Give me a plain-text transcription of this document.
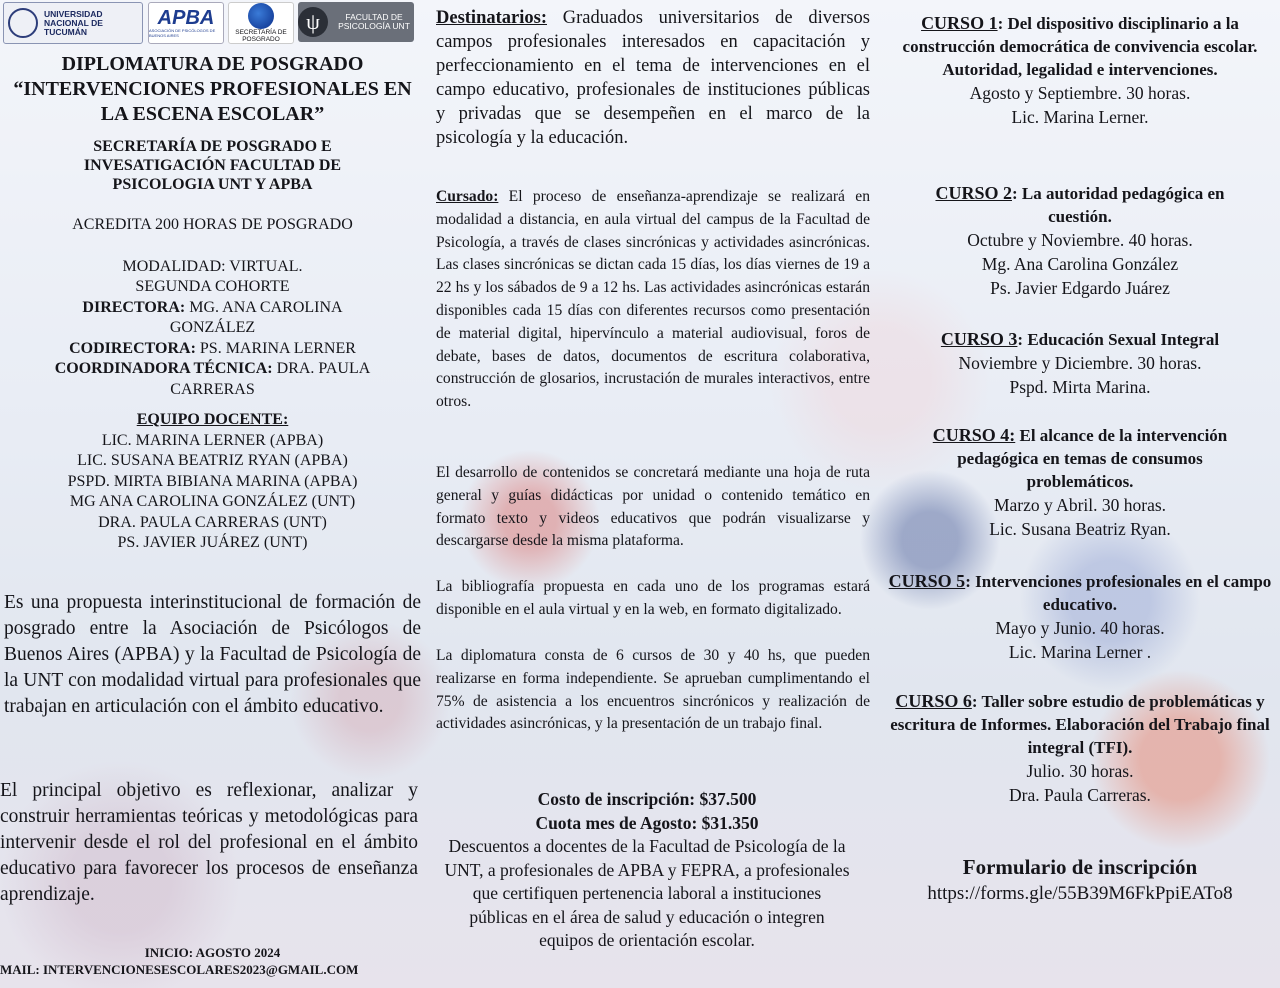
UNIVERSIDAD NACIONAL DE TUCUMÁN
APBA
ASOCIACIÓN DE PSICÓLOGOS DE BUENOS AIRES	SECRETARÍA DE POSGRADO
ψ	FACULTAD DE PSICOLOGÍA UNT

DIPLOMATURA DE POSGRADO “INTERVENCIONES PROFESIONALES EN LA ESCENA ESCOLAR”

SECRETARÍA DE POSGRADO E INVESATIGACIÓN FACULTAD DE PSICOLOGIA UNT Y APBA

ACREDITA 200 HORAS DE POSGRADO

MODALIDAD: VIRTUAL.

SEGUNDA COHORTE

DIRECTORA: MG. ANA CAROLINA GONZÁLEZ

CODIRECTORA: PS. MARINA LERNER

COORDINADORA TÉCNICA: DRA. PAULA CARRERAS

EQUIPO DOCENTE:

LIC. MARINA LERNER (APBA)

LIC. SUSANA BEATRIZ RYAN (APBA)

PSPD. MIRTA BIBIANA MARINA (APBA)

MG ANA CAROLINA GONZÁLEZ (UNT)

DRA. PAULA CARRERAS (UNT)

PS. JAVIER JUÁREZ (UNT)

Es una propuesta interinstitucional de formación de posgrado entre la Asociación de Psicólogos de Buenos Aires (APBA) y la Facultad de Psicología de la UNT con modalidad virtual para profesionales que trabajan en articulación con el ámbito educativo.

El principal objetivo es reflexionar, analizar y construir herramientas teóricas y metodológicas para intervenir desde el rol del profesional en el ámbito educativo para favorecer los procesos de enseñanza aprendizaje.

INICIO: AGOSTO 2024

MAIL: INTERVENCIONESESCOLARES2023@GMAIL.COM

Destinatarios: Graduados universitarios de diversos campos profesionales interesados en capacitación y perfeccionamiento en el tema de intervenciones en el campo educativo, profesionales de instituciones públicas y privadas que se desempeñen en el marco de la psicología y la educación.

Cursado: El proceso de enseñanza-aprendizaje se realizará en modalidad a distancia, en aula virtual del campus de la Facultad de Psicología, a través de clases sincrónicas y actividades asincrónicas. Las clases sincrónicas se dictan cada 15 días, los días viernes de 19 a 22 hs y los sábados de 9 a 12 hs. Las actividades asincrónicas estarán disponibles cada 15 días con diferentes recursos como presentación de material digital, hipervínculo a material audiovisual, foros de debate, bases de datos, documentos de escritura colaborativa, construcción de glosarios, incrustación de murales interactivos, entre otros.

El desarrollo de contenidos se concretará mediante una hoja de ruta general y guías didácticas por unidad o contenido temático en formato texto y videos educativos que podrán visualizarse y descargarse desde la misma plataforma.

La bibliografía propuesta en cada uno de los programas estará disponible en el aula virtual y en la web, en formato digitalizado.

La diplomatura consta de 6 cursos de 30 y 40 hs, que pueden realizarse en forma independiente. Se aprueban cumplimentando el 75% de asistencia a los encuentros sincrónicos y realización de actividades asincrónicas, y la presentación de un trabajo final.

Costo de inscripción: $37.500

Cuota mes de Agosto: $31.350

Descuentos a docentes de la Facultad de Psicología de la UNT, a profesionales de APBA y FEPRA, a profesionales que certifiquen pertenencia laboral a instituciones públicas en el área de salud y educación o integren equipos de orientación escolar.

CURSO 1: Del dispositivo disciplinario a la construcción democrática de convivencia escolar. Autoridad, legalidad e intervenciones.

Agosto y Septiembre. 30 horas.

Lic. Marina Lerner.

CURSO 2: La autoridad pedagógica en cuestión.

Octubre y Noviembre. 40 horas.

Mg. Ana Carolina González

Ps. Javier Edgardo Juárez

CURSO 3: Educación Sexual Integral

Noviembre y Diciembre. 30 horas.

Pspd. Mirta Marina.

CURSO 4: El alcance de la intervención pedagógica en temas de consumos problemáticos.

Marzo y Abril. 30 horas.

Lic. Susana Beatriz Ryan.

CURSO 5: Intervenciones profesionales en el campo educativo.

Mayo y Junio. 40 horas.

Lic. Marina Lerner .

CURSO 6: Taller sobre estudio de problemáticas y escritura de Informes. Elaboración del Trabajo final integral (TFI).

Julio. 30 horas.

Dra. Paula Carreras.

Formulario de inscripción

https://forms.gle/55B39M6FkPpiEATo8
